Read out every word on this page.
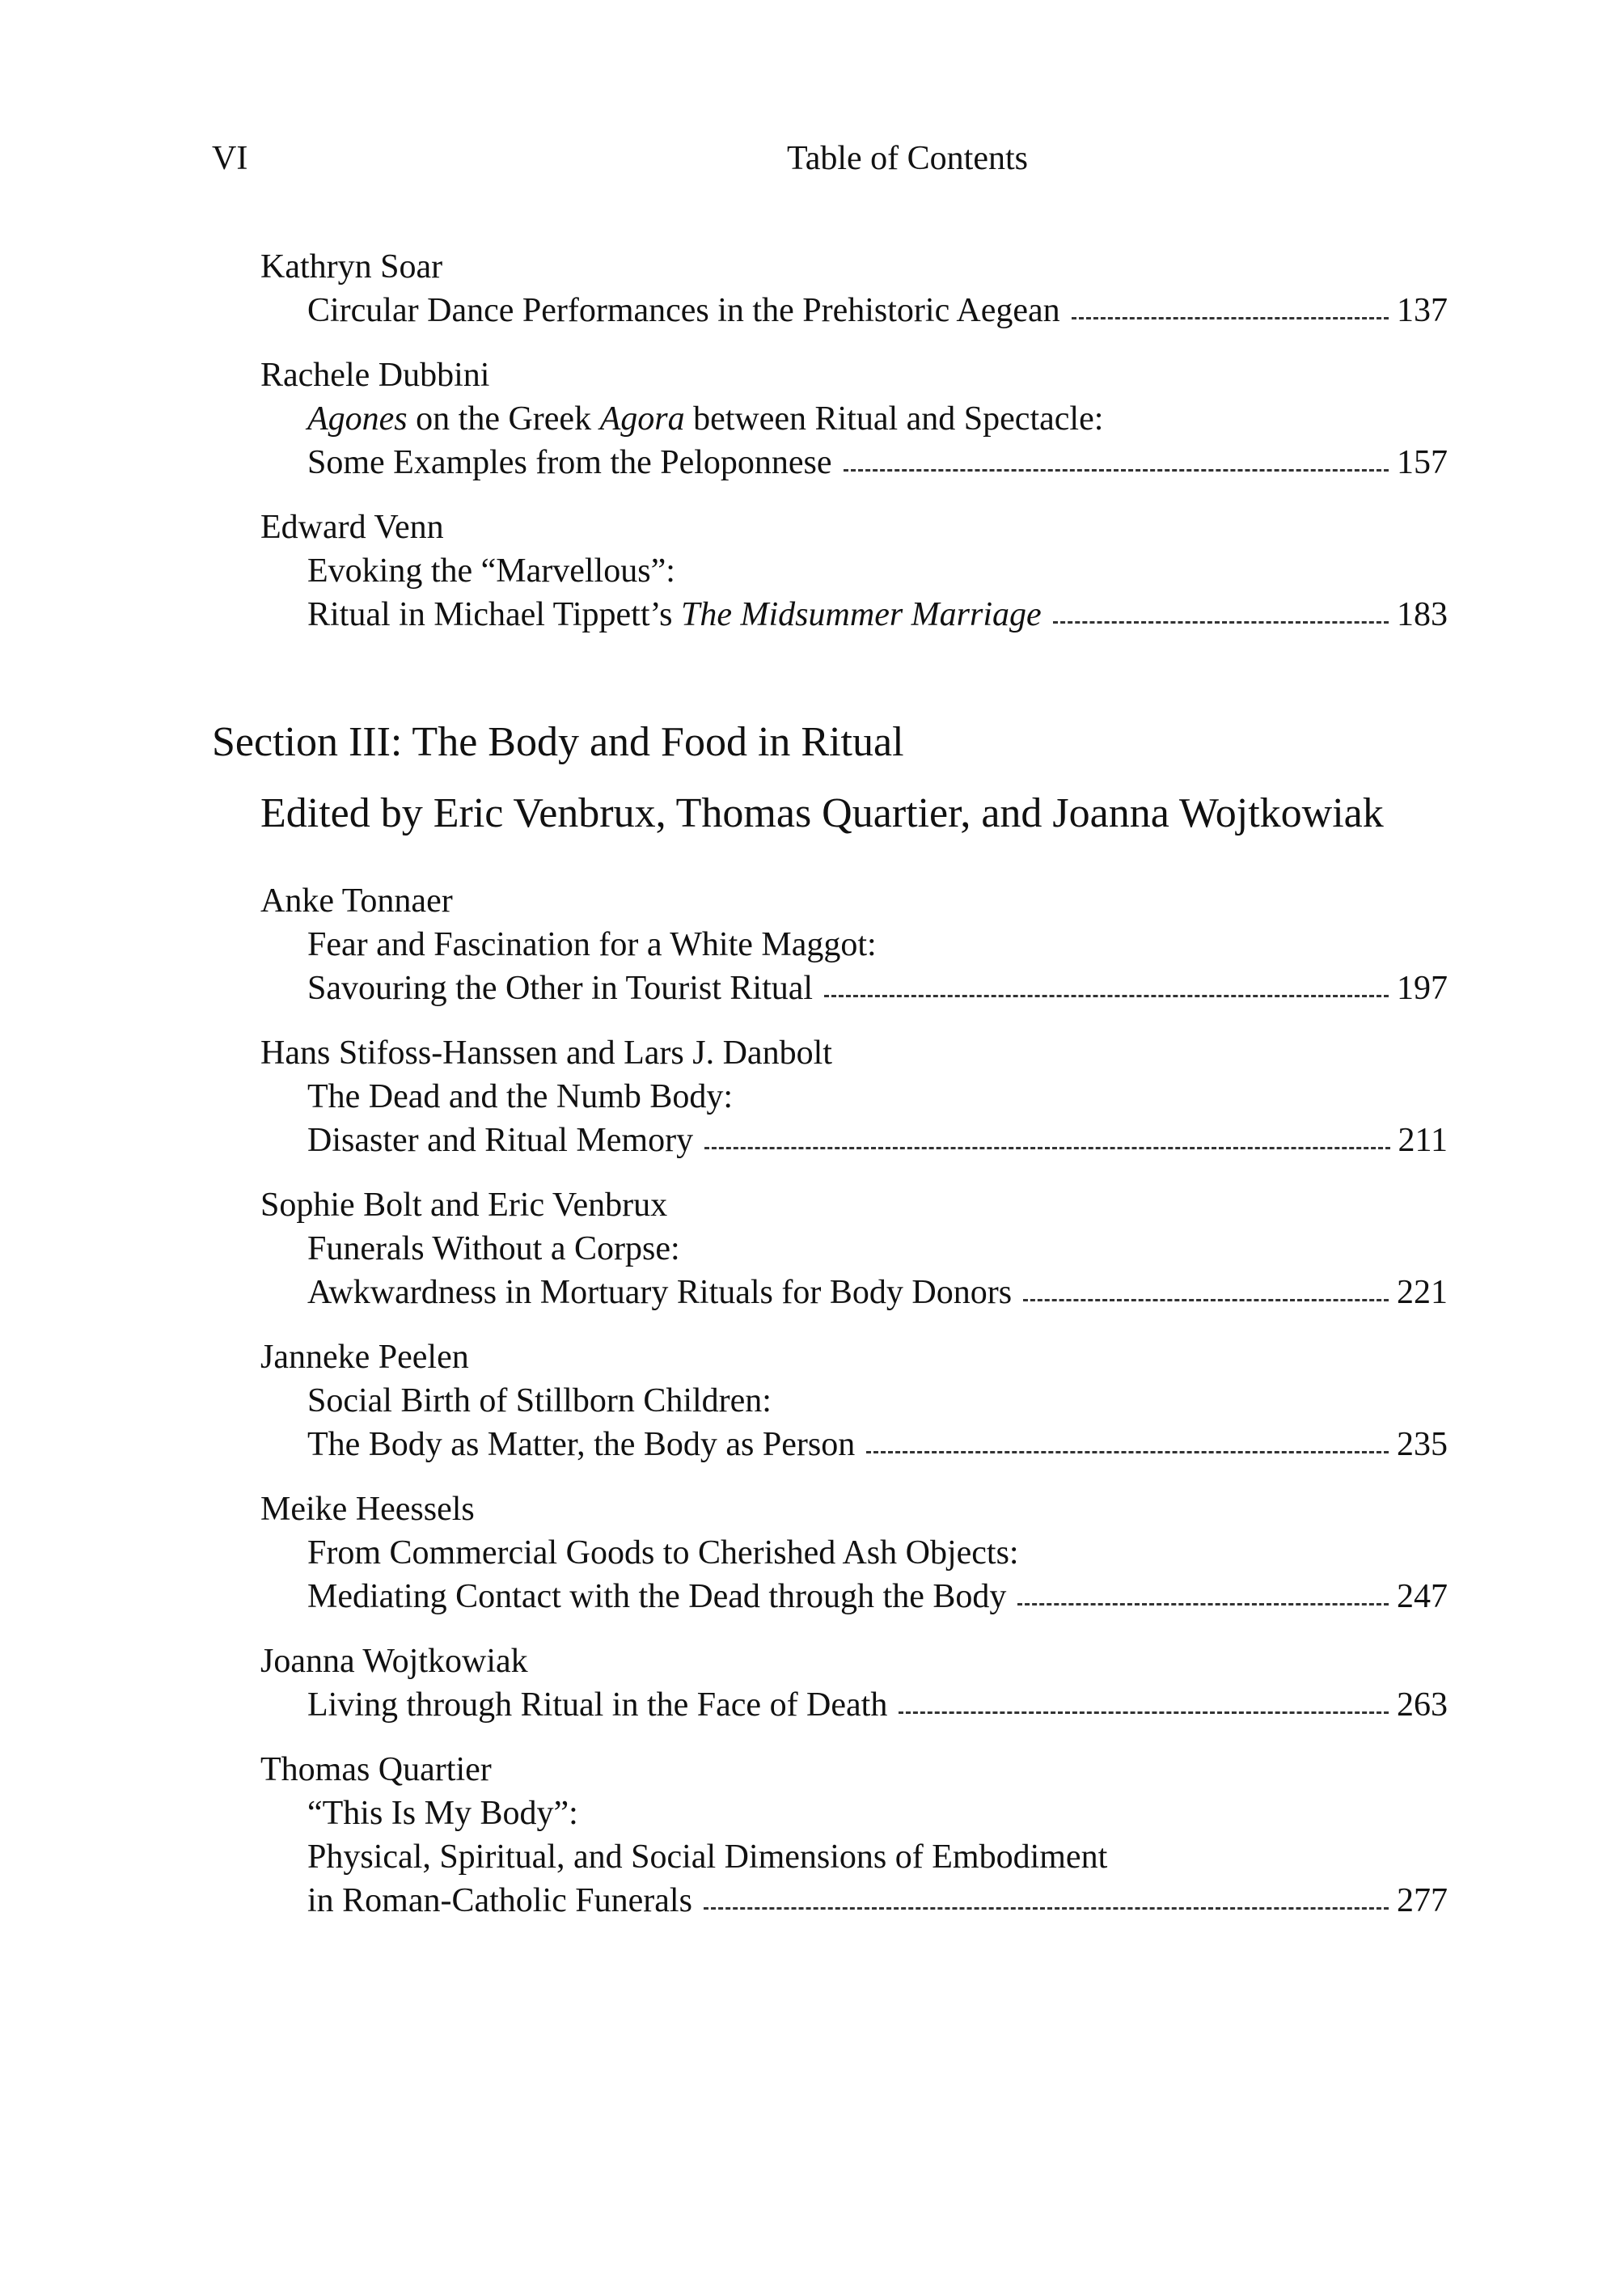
VI	Table of Contents
Kathryn Soar
Circular Dance Performances in the Prehistoric Aegean	137
Rachele Dubbini
Agones on the Greek Agora between Ritual and Spectacle:
Some Examples from the Peloponnese	157
Edward Venn
Evoking the “Marvellous”:
Ritual in Michael Tippett’s The Midsummer Marriage	183
Section III: The Body and Food in Ritual
Edited by Eric Venbrux, Thomas Quartier, and Joanna Wojtkowiak
Anke Tonnaer
Fear and Fascination for a White Maggot:
Savouring the Other in Tourist Ritual	197
Hans Stifoss-Hanssen and Lars J. Danbolt
The Dead and the Numb Body:
Disaster and Ritual Memory	211
Sophie Bolt and Eric Venbrux
Funerals Without a Corpse:
Awkwardness in Mortuary Rituals for Body Donors	221
Janneke Peelen
Social Birth of Stillborn Children:
The Body as Matter, the Body as Person	235
Meike Heessels
From Commercial Goods to Cherished Ash Objects:
Mediating Contact with the Dead through the Body	247
Joanna Wojtkowiak
Living through Ritual in the Face of Death	263
Thomas Quartier
“This Is My Body”:
Physical, Spiritual, and Social Dimensions of Embodiment
in Roman-Catholic Funerals	277
